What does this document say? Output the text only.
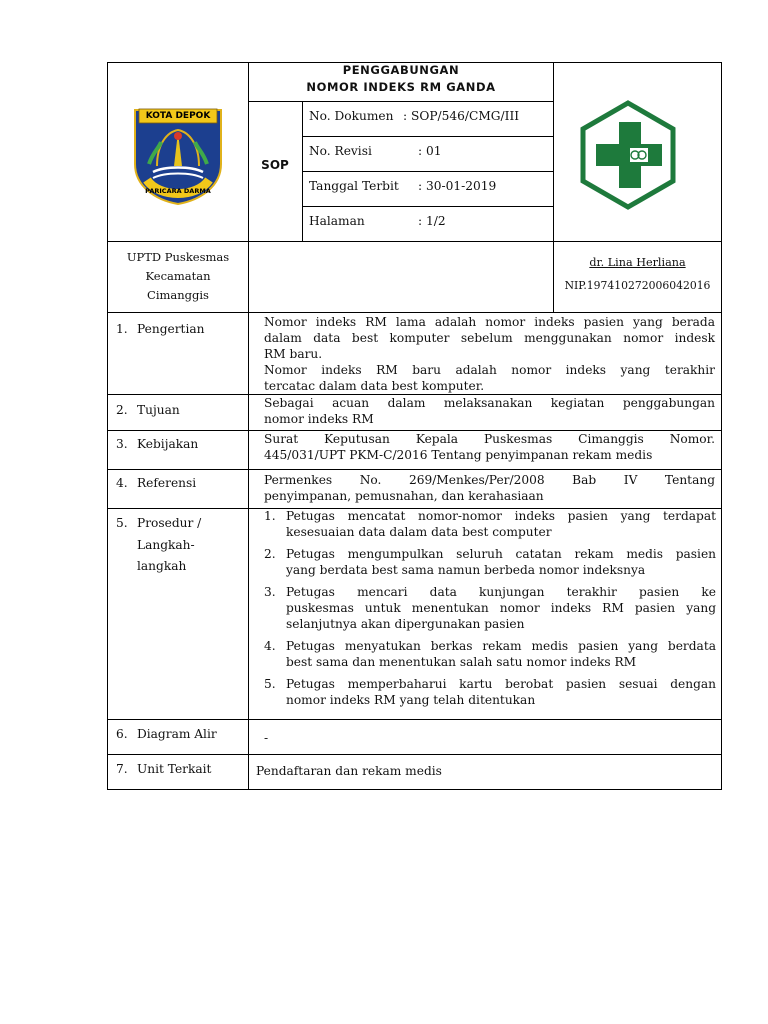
KOTA DEPOK
PARICARA DARMA
PENGGABUNGAN
NOMOR INDEKS RM GANDA
SOP
No. Dokumen : SOP/546/CMG/III
No. Revisi	: 01
Tanggal Terbit : 30-01-2019
Halaman	: 1/2
UPTD Puskesmas
Kecamatan
Cimanggis
dr. Lina Herliana
NIP.197410272006042016
1. Pengertian	Nomor indeks RM lama adalah nomor indeks pasien yang berada
dalam data best komputer sebelum menggunakan nomor indesk
RM baru.
Nomor indeks RM baru adalah nomor indeks yang terakhir
tercatac dalam data best komputer.
2. Tujuan	Sebagai acuan dalam melaksanakan kegiatan penggabungan
nomor indeks RM
3. Kebijakan	Surat Keputusan Kepala Puskesmas Cimanggis Nomor.
445/031/UPT PKM-C/2016 Tentang penyimpanan rekam medis
4. Referensi	Permenkes No. 269/Menkes/Per/2008 Bab IV Tentang
penyimpanan, pemusnahan, dan kerahasiaan
5. Prosedur /
Langkah-
langkah
1. Petugas mencatat nomor-nomor indeks pasien yang terdapat
kesesuaian data dalam data best computer
2. Petugas mengumpulkan seluruh catatan rekam medis pasien
yang berdata best sama namun berbeda nomor indeksnya
3. Petugas mencari data kunjungan terakhir pasien ke
puskesmas untuk menentukan nomor indeks RM pasien yang
selanjutnya akan dipergunakan pasien
4. Petugas menyatukan berkas rekam medis pasien yang berdata
best sama dan menentukan salah satu nomor indeks RM
5. Petugas memperbaharui kartu berobat pasien sesuai dengan
nomor indeks RM yang telah ditentukan
6. Diagram Alir	-
7. Unit Terkait	Pendaftaran dan rekam medis
